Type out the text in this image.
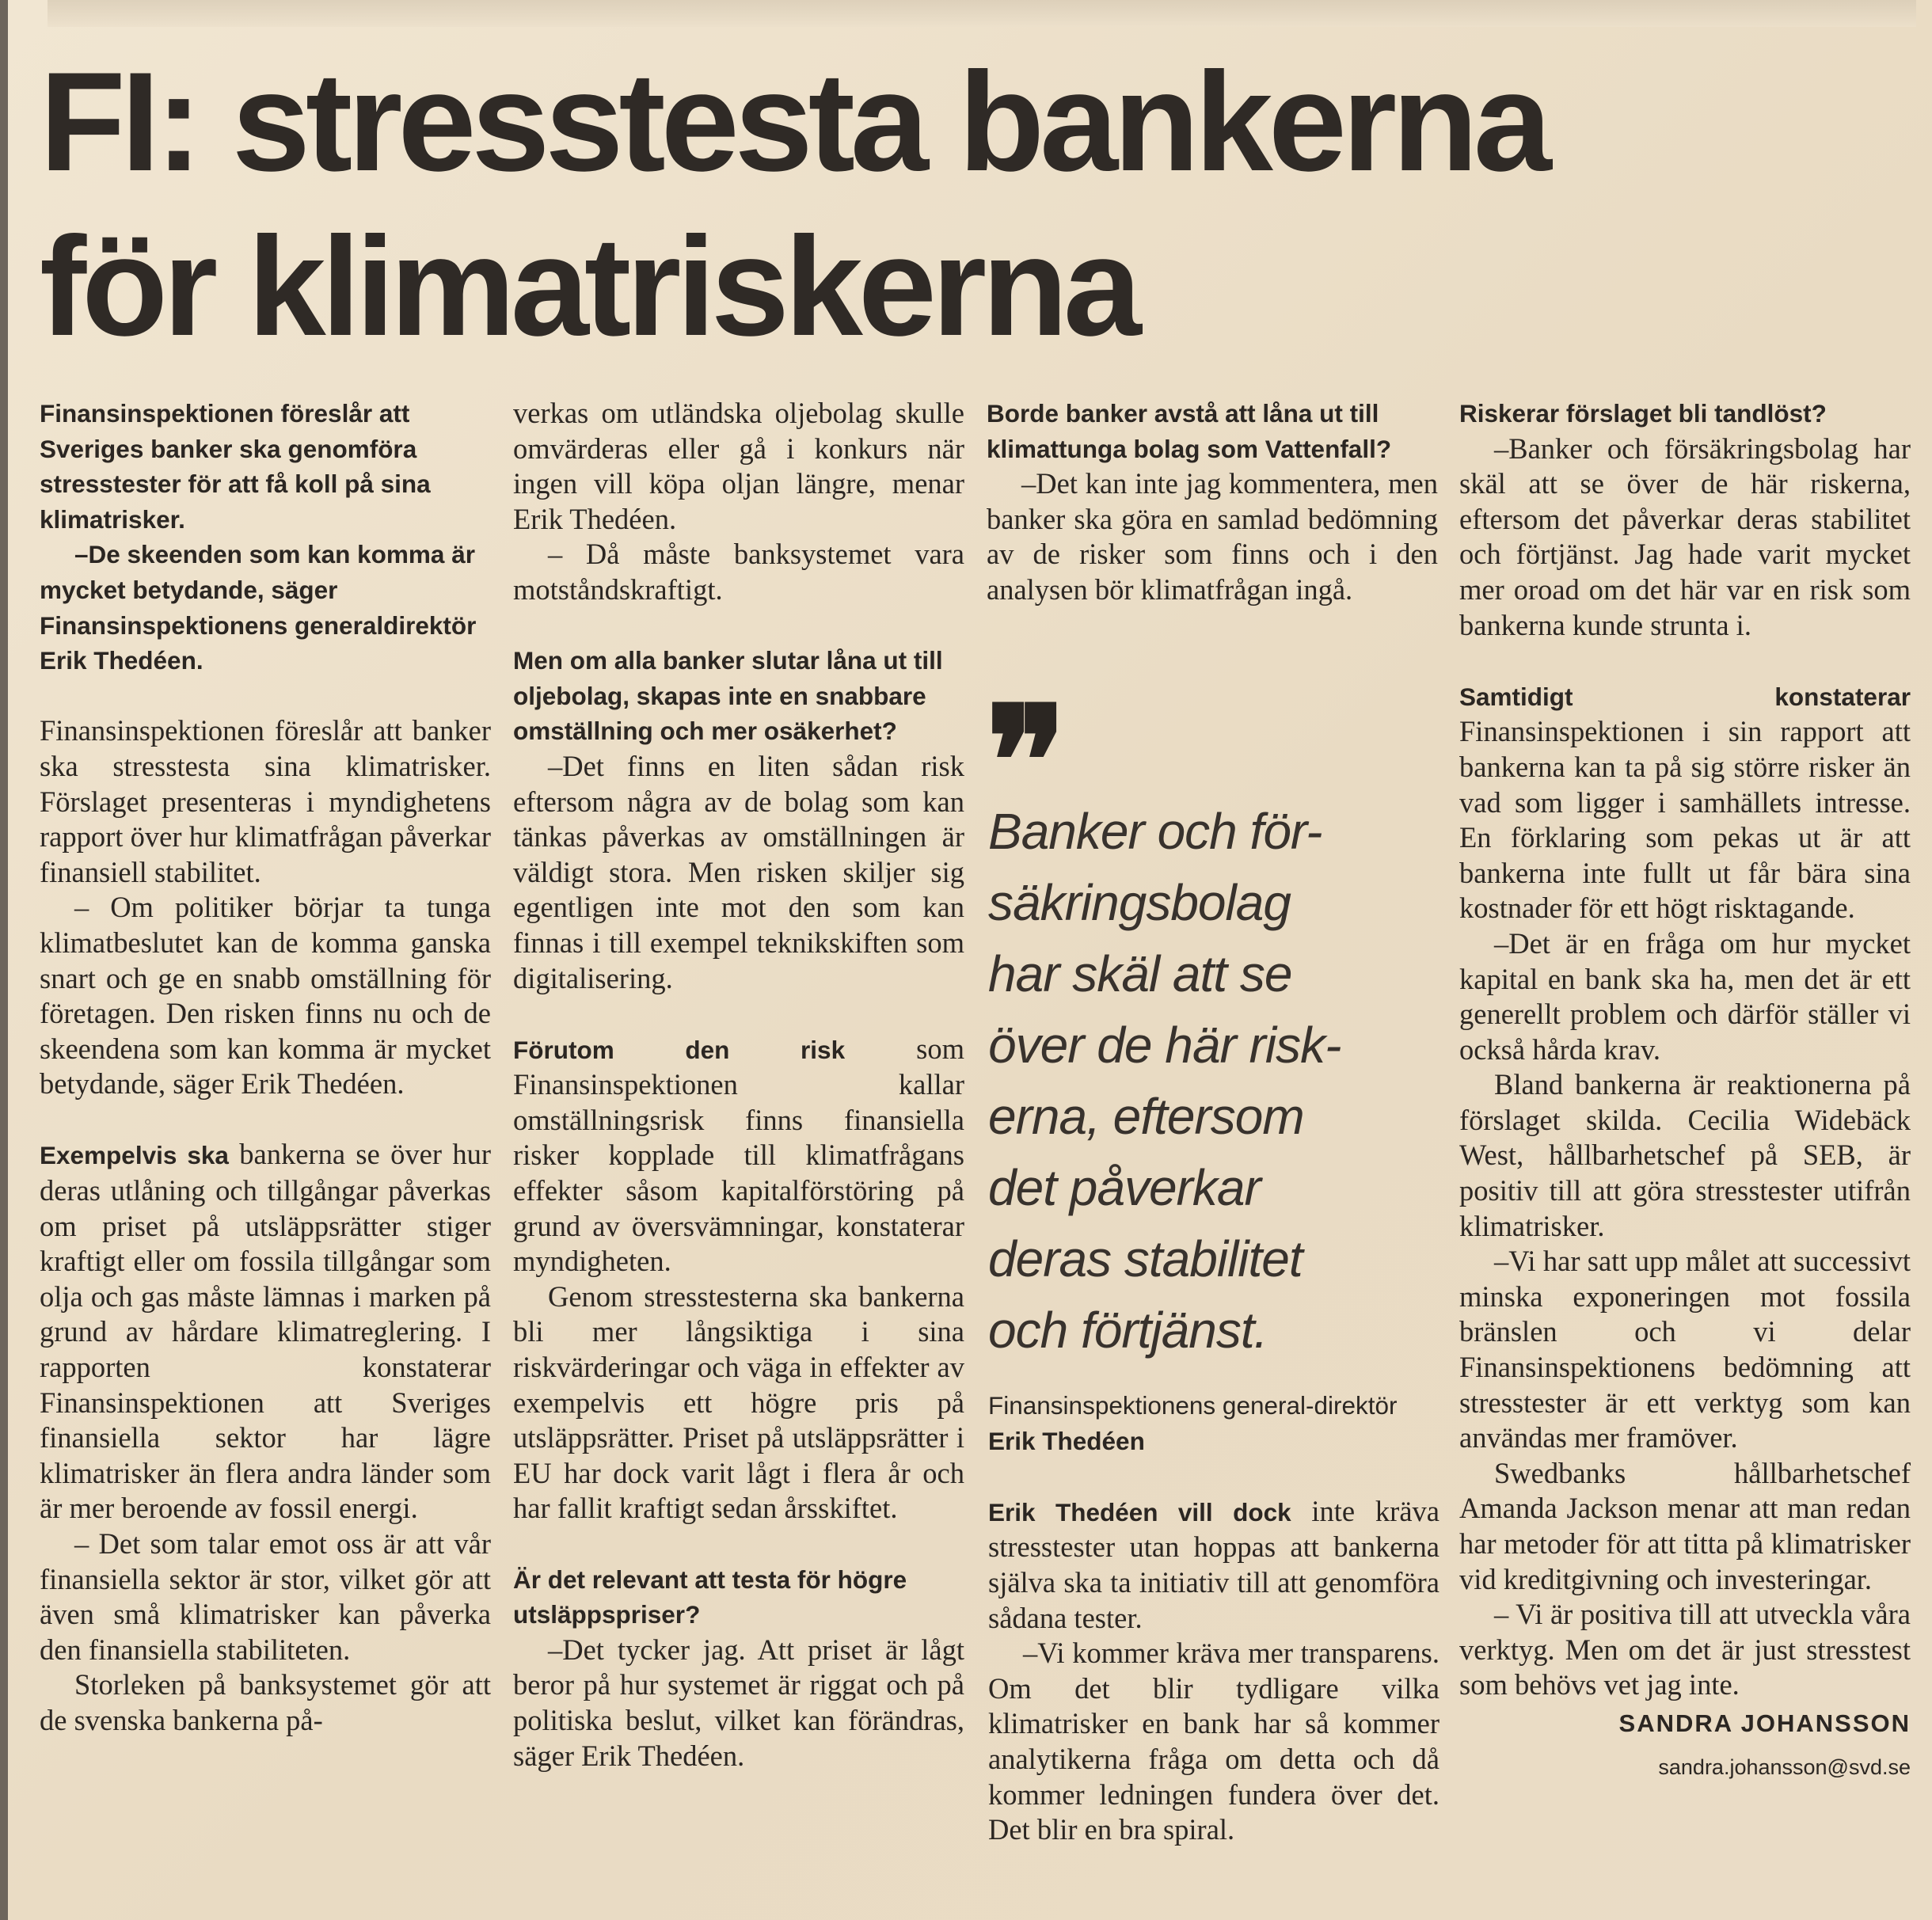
FI: stresstesta bankerna
för klimatriskerna

Finansinspektionen föreslår att Sveriges banker ska genomföra stresstester för att få koll på sina klimatrisker.

–De skeenden som kan komma är mycket betydande, säger Finansinspektionens generaldirektör Erik Thedéen.

Finansinspektionen föreslår att banker ska stresstesta sina klimatrisker. Förslaget presenteras i myndighetens rapport över hur klimatfrågan påverkar finansiell stabilitet.

– Om politiker börjar ta tunga klimatbeslutet kan de komma ganska snart och ge en snabb omställning för företagen. Den risken finns nu och de skeendena som kan komma är mycket betydande, säger Erik Thedéen.

Exempelvis ska bankerna se över hur deras utlåning och tillgångar påverkas om priset på utsläppsrätter stiger kraftigt eller om fossila tillgångar som olja och gas måste lämnas i marken på grund av hårdare klimatreglering. I rapporten konstaterar Finansinspektionen att Sveriges finansiella sektor har lägre klimatrisker än flera andra länder som är mer beroende av fossil energi.

– Det som talar emot oss är att vår finansiella sektor är stor, vilket gör att även små klimatrisker kan påverka den finansiella stabiliteten.

Storleken på banksystemet gör att de svenska bankerna på-

verkas om utländska oljebolag skulle omvärderas eller gå i konkurs när ingen vill köpa oljan längre, menar Erik Thedéen.

– Då måste banksystemet vara motståndskraftigt.

Men om alla banker slutar låna ut till oljebolag, skapas inte en snabbare omställning och mer osäkerhet?

–Det finns en liten sådan risk eftersom några av de bolag som kan tänkas påverkas av omställningen är väldigt stora. Men risken skiljer sig egentligen inte mot den som kan finnas i till exempel teknikskiften som digitalisering.

Förutom den risk som Finansinspektionen kallar omställningsrisk finns finansiella risker kopplade till klimatfrågans effekter såsom kapitalförstöring på grund av översvämningar, konstaterar myndigheten.

Genom stresstesterna ska bankerna bli mer långsiktiga i sina riskvärderingar och väga in effekter av exempelvis ett högre pris på utsläppsrätter. Priset på utsläppsrätter i EU har dock varit lågt i flera år och har fallit kraftigt sedan årsskiftet.

Är det relevant att testa för högre utsläppspriser?

–Det tycker jag. Att priset är lågt beror på hur systemet är riggat och på politiska beslut, vilket kan förändras, säger Erik Thedéen.

Borde banker avstå att låna ut till klimattunga bolag som Vattenfall?

–Det kan inte jag kommentera, men banker ska göra en samlad bedömning av de risker som finns och i den analysen bör klimatfrågan ingå.

❞

Banker och för-
säkringsbolag
har skäl att se
över de här risk-
erna, eftersom
det påverkar
deras stabilitet
och förtjänst.

Finansinspektionens general-direktör Erik Thedéen

Erik Thedéen vill dock inte kräva stresstester utan hoppas att bankerna själva ska ta initiativ till att genomföra sådana tester.

–Vi kommer kräva mer transparens. Om det blir tydligare vilka klimatrisker en bank har så kommer analytikerna fråga om detta och då kommer ledningen fundera över det. Det blir en bra spiral.

Riskerar förslaget bli tandlöst?

–Banker och försäkringsbolag har skäl att se över de här riskerna, eftersom det påverkar deras stabilitet och förtjänst. Jag hade varit mycket mer oroad om det här var en risk som bankerna kunde strunta i.

Samtidigt konstaterar Finansinspektionen i sin rapport att bankerna kan ta på sig större risker än vad som ligger i samhällets intresse. En förklaring som pekas ut är att bankerna inte fullt ut får bära sina kostnader för ett högt risktagande.

–Det är en fråga om hur mycket kapital en bank ska ha, men det är ett generellt problem och därför ställer vi också hårda krav.

Bland bankerna är reaktionerna på förslaget skilda. Cecilia Widebäck West, hållbarhetschef på SEB, är positiv till att göra stresstester utifrån klimatrisker.

–Vi har satt upp målet att successivt minska exponeringen mot fossila bränslen och vi delar Finansinspektionens bedömning att stresstester är ett verktyg som kan användas mer framöver.

Swedbanks hållbarhetschef Amanda Jackson menar att man redan har metoder för att titta på klimatrisker vid kreditgivning och investeringar.

– Vi är positiva till att utveckla våra verktyg. Men om det är just stresstest som behövs vet jag inte.

SANDRA JOHANSSON
sandra.johansson@svd.se
